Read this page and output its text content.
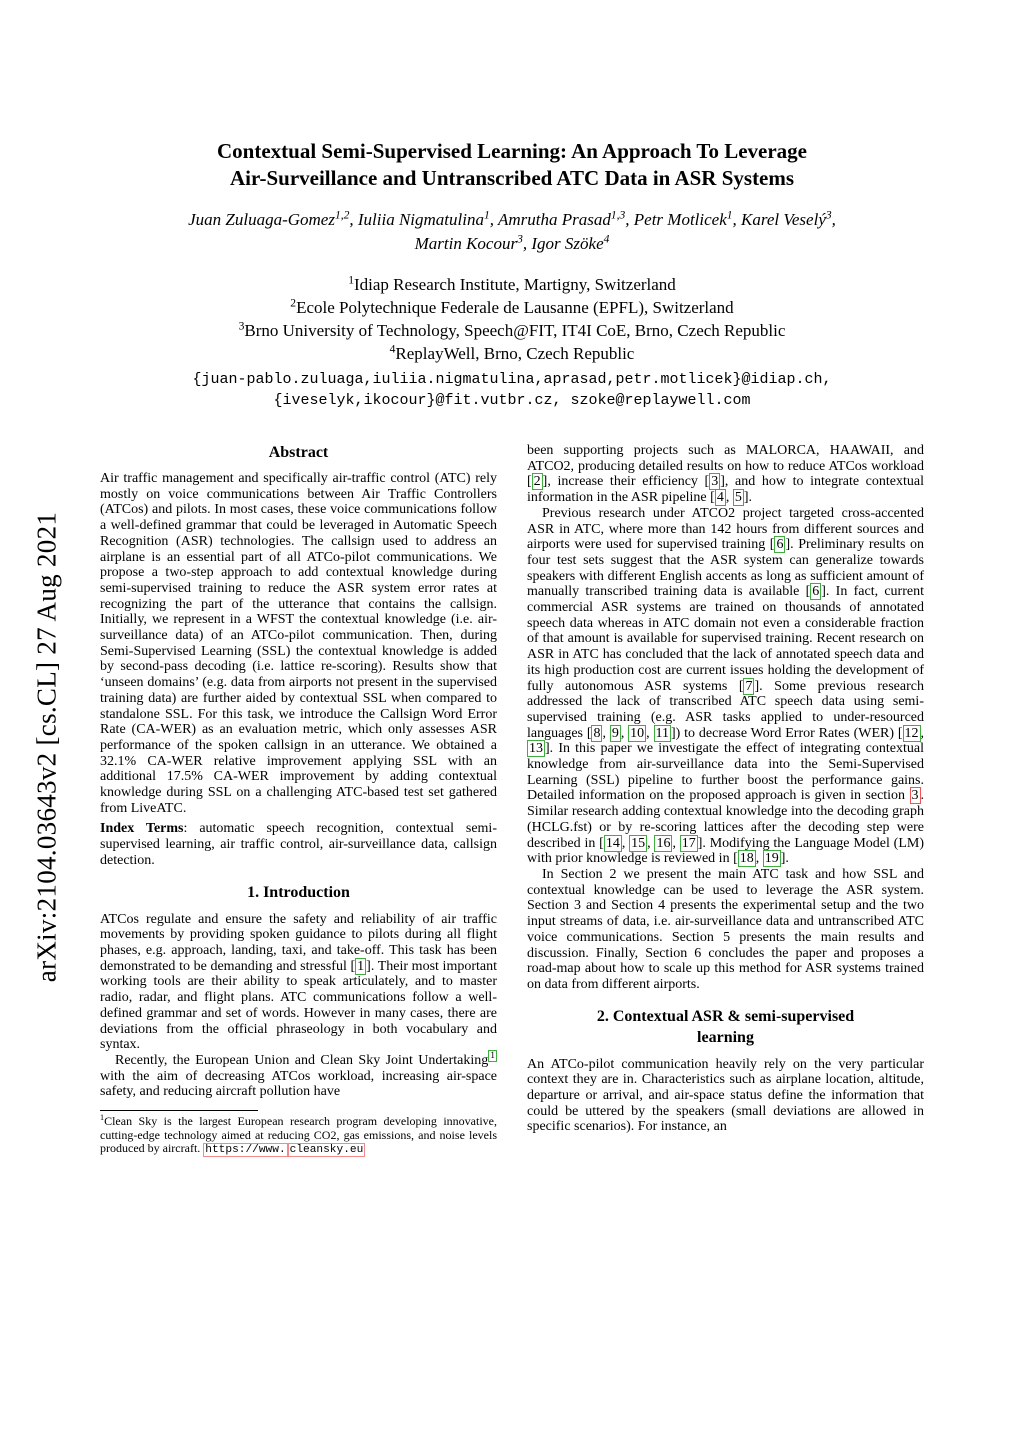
arXiv:2104.03643v2 [cs.CL] 27 Aug 2021
Contextual Semi-Supervised Learning: An Approach To Leverage
Air-Surveillance and Untranscribed ATC Data in ASR Systems
Juan Zuluaga-Gomez$^{1,2}$, Iuliia Nigmatulina$^1$, Amrutha Prasad$^{1,3}$, Petr Motlicek$^1$, Karel Veselý$^3$,
Martin Kocour$^3$, Igor Szöke$^4$
$^1$Idiap Research Institute, Martigny, Switzerland
$^2$Ecole Polytechnique Federale de Lausanne (EPFL), Switzerland
$^3$Brno University of Technology, Speech@FIT, IT4I CoE, Brno, Czech Republic
$^4$ReplayWell, Brno, Czech Republic
{juan-pablo.zuluaga,iuliia.nigmatulina,aprasad,petr.motlicek}@idiap.ch,
{iveselyk,ikocour}@fit.vutbr.cz, szoke@replaywell.com
Abstract
Air traffic management and specifically air-traffic control (ATC) rely mostly on voice communications between Air Traffic Controllers (ATCos) and pilots. In most cases, these voice communications follow a well-defined grammar that could be leveraged in Automatic Speech Recognition (ASR) technologies. The callsign used to address an airplane is an essential part of all ATCo-pilot communications. We propose a two-step approach to add contextual knowledge during semi-supervised training to reduce the ASR system error rates at recognizing the part of the utterance that contains the callsign. Initially, we represent in a WFST the contextual knowledge (i.e. air-surveillance data) of an ATCo-pilot communication. Then, during Semi-Supervised Learning (SSL) the contextual knowledge is added by second-pass decoding (i.e. lattice re-scoring). Results show that ‘unseen domains’ (e.g. data from airports not present in the supervised training data) are further aided by contextual SSL when compared to standalone SSL. For this task, we introduce the Callsign Word Error Rate (CA-WER) as an evaluation metric, which only assesses ASR performance of the spoken callsign in an utterance. We obtained a 32.1% CA-WER relative improvement applying SSL with an additional 17.5% CA-WER improvement by adding contextual knowledge during SSL on a challenging ATC-based test set gathered from LiveATC.
Index Terms: automatic speech recognition, contextual semi-supervised learning, air traffic control, air-surveillance data, callsign detection.
1. Introduction
ATCos regulate and ensure the safety and reliability of air traffic movements by providing spoken guidance to pilots during all flight phases, e.g. approach, landing, taxi, and take-off. This task has been demonstrated to be demanding and stressful [ 1 ]. Their most important working tools are their ability to speak articulately, and to master radio, radar, and flight plans. ATC communications follow a well-defined grammar and set of words. However in many cases, there are deviations from the official phraseology in both vocabulary and syntax.
Recently, the European Union and Clean Sky Joint Undertaking $^1$ with the aim of decreasing ATCos workload, increasing air-space safety, and reducing aircraft pollution have
$^1$Clean Sky is the largest European research program developing innovative, cutting-edge technology aimed at reducing CO2, gas emissions, and noise levels produced by aircraft. https://www. cleansky.eu
been supporting projects such as MALORCA, HAAWAII, and ATCO2, producing detailed results on how to reduce ATCos workload [ 2 ], increase their efficiency [ 3 ], and how to integrate contextual information in the ASR pipeline [ 4 , 5 ].
Previous research under ATCO2 project targeted cross-accented ASR in ATC, where more than 142 hours from different sources and airports were used for supervised training [ 6 ]. Preliminary results on four test sets suggest that the ASR system can generalize towards speakers with different English accents as long as sufficient amount of manually transcribed training data is available [ 6 ]. In fact, current commercial ASR systems are trained on thousands of annotated speech data whereas in ATC domain not even a considerable fraction of that amount is available for supervised training. Recent research on ASR in ATC has concluded that the lack of annotated speech data and its high production cost are current issues holding the development of fully autonomous ASR systems [ 7 ]. Some previous research addressed the lack of transcribed ATC speech data using semi-supervised training (e.g. ASR tasks applied to under-resourced languages [ 8 , 9 , 10 , 11 ]) to decrease Word Error Rates (WER) [ 12 , 13 ]. In this paper we investigate the effect of integrating contextual knowledge from air-surveillance data into the Semi-Supervised Learning (SSL) pipeline to further boost the performance gains. Detailed information on the proposed approach is given in section 3 . Similar research adding contextual knowledge into the decoding graph (HCLG.fst) or by re-scoring lattices after the decoding step were described in [ 14 , 15 , 16 , 17 ]. Modifying the Language Model (LM) with prior knowledge is reviewed in [ 18 , 19 ].
In Section 2 we present the main ATC task and how SSL and contextual knowledge can be used to leverage the ASR system. Section 3 and Section 4 presents the experimental setup and the two input streams of data, i.e. air-surveillance data and untranscribed ATC voice communications. Section 5 presents the main results and discussion. Finally, Section 6 concludes the paper and proposes a road-map about how to scale up this method for ASR systems trained on data from different airports.
2. Contextual ASR & semi-supervised
learning
An ATCo-pilot communication heavily rely on the very particular context they are in. Characteristics such as airplane location, altitude, departure or arrival, and air-space status define the information that could be uttered by the speakers (small deviations are allowed in specific scenarios). For instance, an
